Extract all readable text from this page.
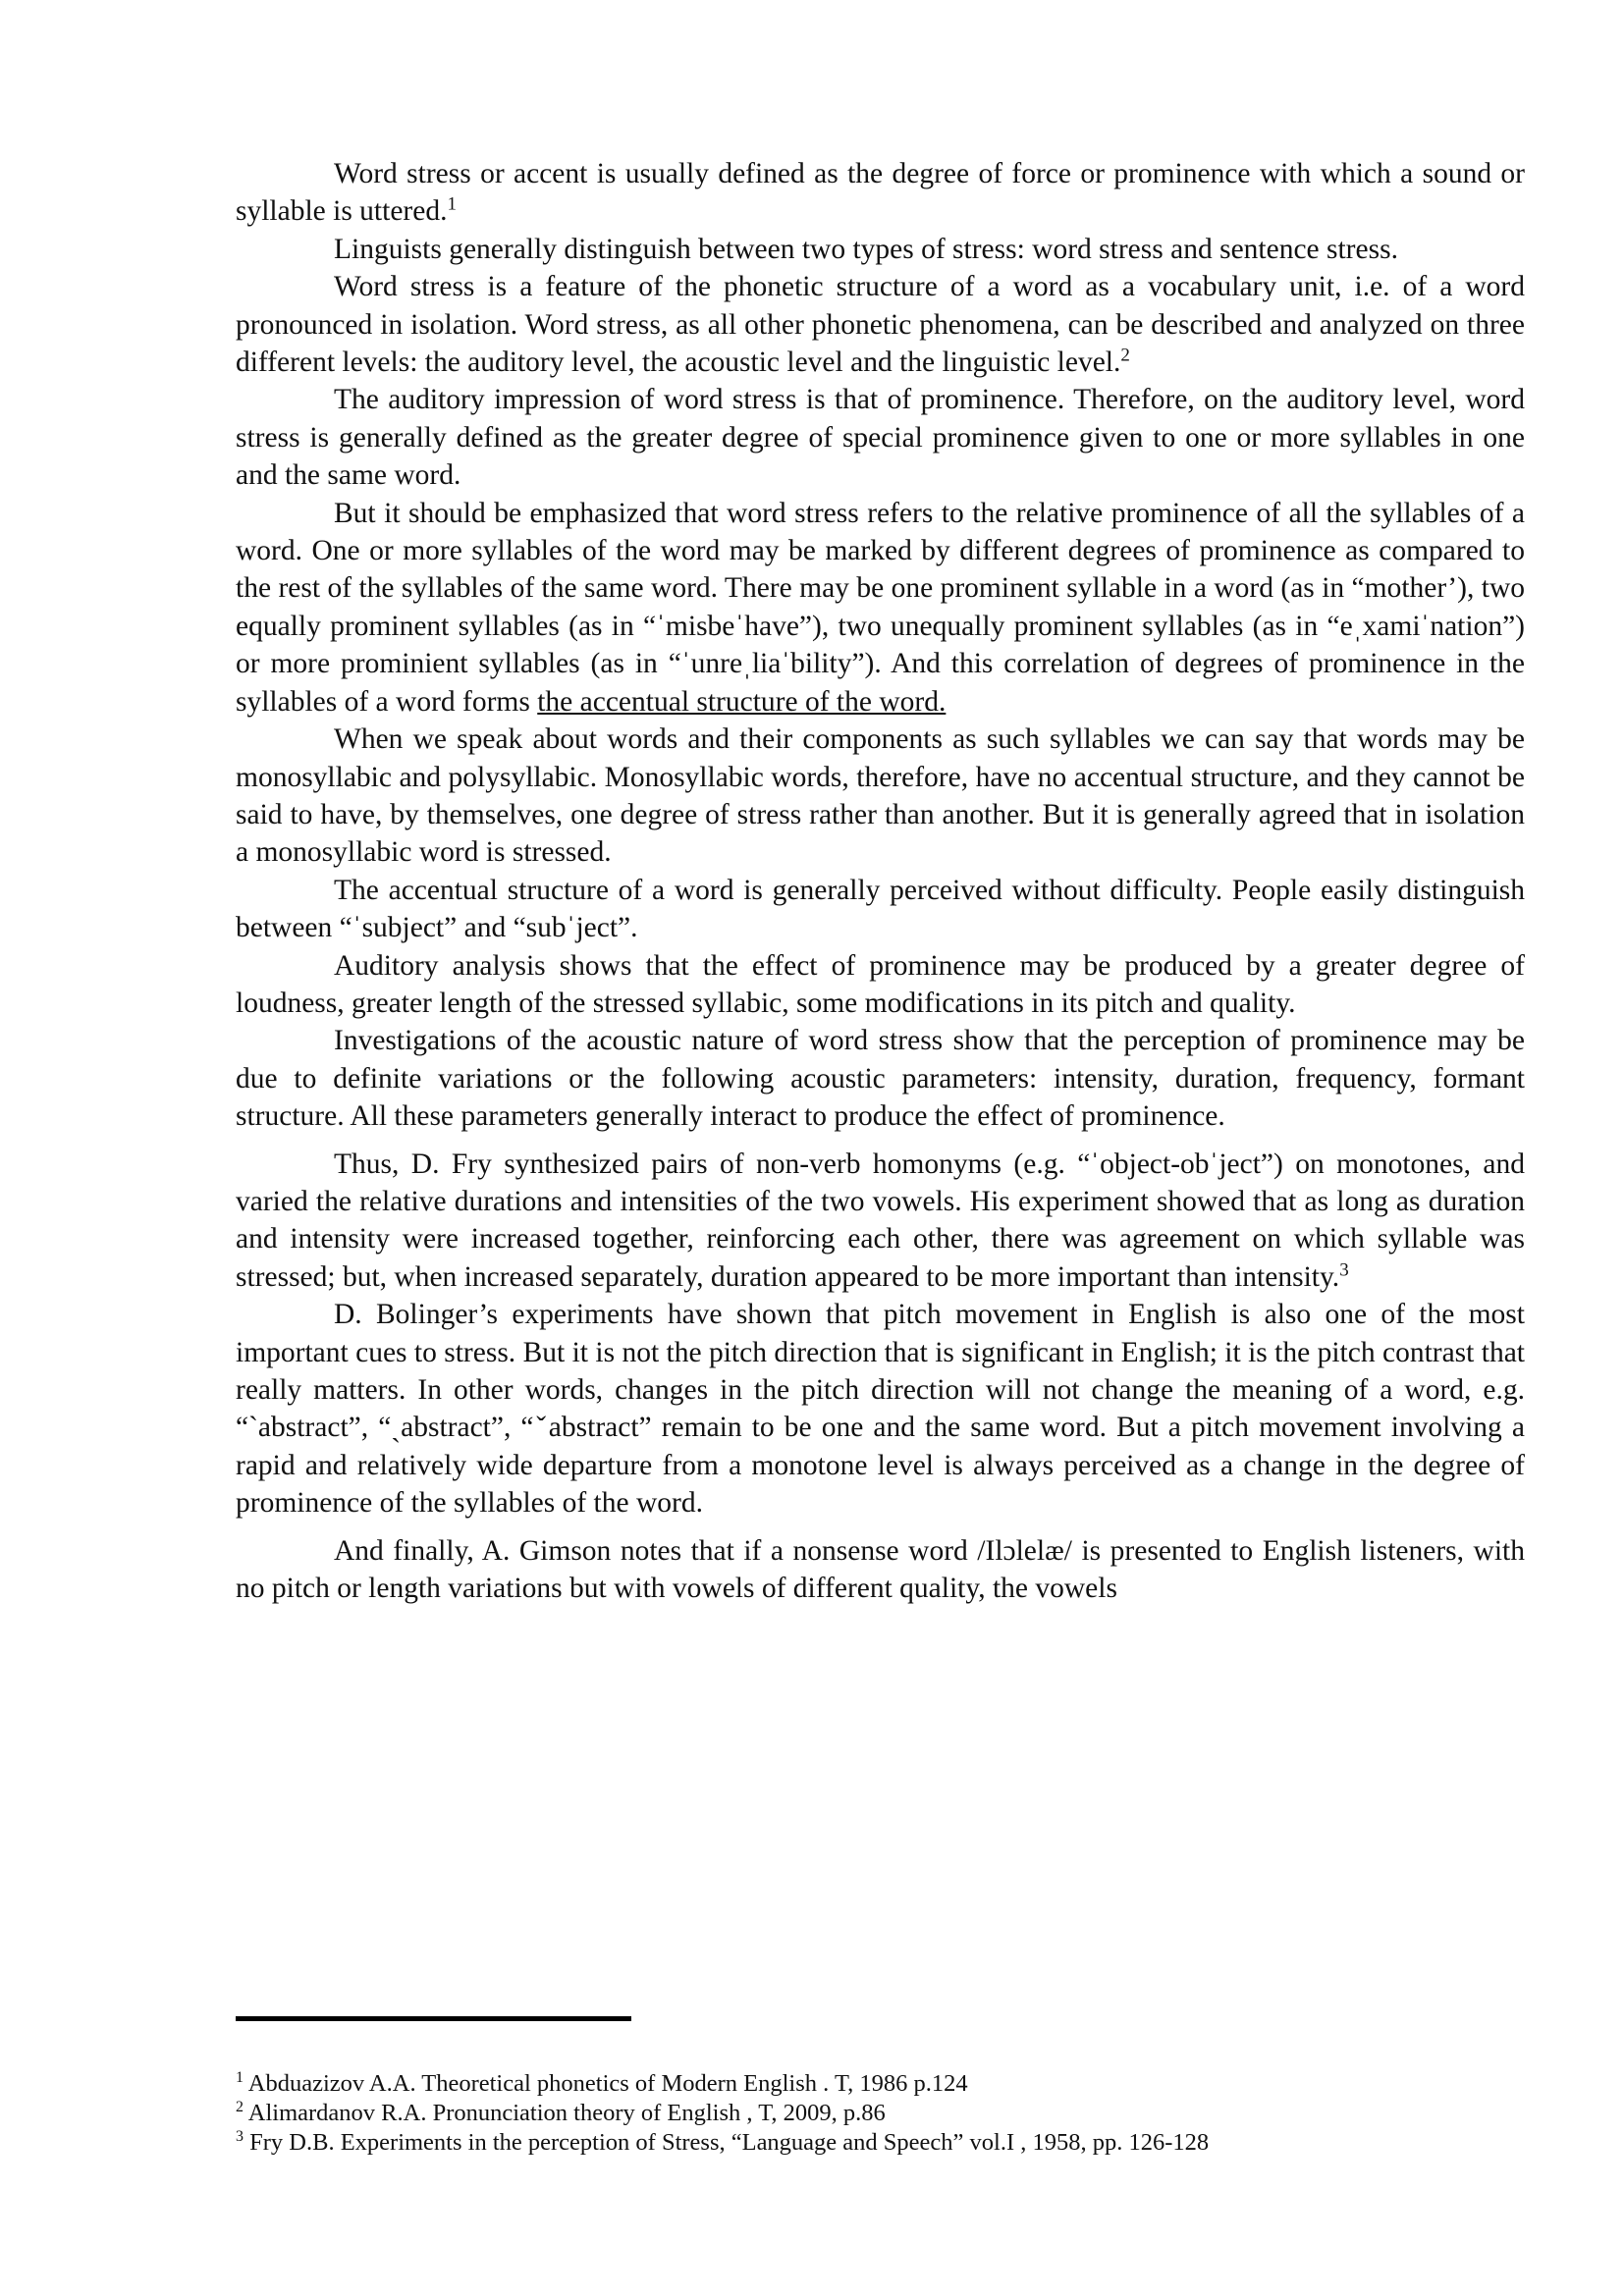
Word stress or accent is usually defined as the degree of force or prominence with which a sound or syllable is uttered.$^1$

Linguists generally distinguish between two types of stress: word stress and sentence stress.

Word stress is a feature of the phonetic structure of a word as a vocabulary unit, i.e. of a word pronounced in isolation. Word stress, as all other phonetic phenomena, can be described and analyzed on three different levels: the auditory level, the acoustic level and the linguistic level.$^2$

The auditory impression of word stress is that of prominence. Therefore, on the auditory level, word stress is generally defined as the greater degree of special prominence given to one or more syllables in one and the same word.

But it should be emphasized that word stress refers to the relative prominence of all the syllables of a word. One or more syllables of the word may be marked by different degrees of prominence as compared to the rest of the syllables of the same word. There may be one prominent syllable in a word (as in “mother’), two equally prominent syllables (as in “ˈmisbeˈhave”), two unequally prominent syllables (as in “eˌxamiˈnation”) or more prominient syllables (as in “ˈunreˌliaˈbility”). And this correlation of degrees of prominence in the syllables of a word forms the accentual structure of the word.

When we speak about words and their components as such syllables we can say that words may be monosyllabic and polysyllabic. Monosyllabic words, therefore, have no accentual structure, and they cannot be said to have, by themselves, one degree of stress rather than another. But it is generally agreed that in isolation a monosyllabic word is stressed.

The accentual structure of a word is generally perceived without difficulty. People easily distinguish between “ˈsubject” and “subˈject”.

Auditory analysis shows that the effect of prominence may be produced by a greater degree of loudness, greater length of the stressed syllabic, some modifications in its pitch and quality.

Investigations of the acoustic nature of word stress show that the perception of prominence may be due to definite variations or the following acoustic parameters: intensity, duration, frequency, formant structure. All these parameters generally interact to produce the effect of prominence.

Thus, D. Fry synthesized pairs of non-verb homonyms (e.g. “ˈobject-obˈject”) on monotones, and varied the relative durations and intensities of the two vowels. His experiment showed that as long as duration and intensity were increased together, reinforcing each other, there was agreement on which syllable was stressed; but, when increased separately, duration appeared to be more important than intensity.$^3$

D. Bolinger’s experiments have shown that pitch movement in English is also one of the most important cues to stress. But it is not the pitch direction that is significant in English; it is the pitch contrast that really matters. In other words, changes in the pitch direction will not change the meaning of a word, e.g. “`abstract”, “ˏabstract”, “ˇabstract” remain to be one and the same word. But a pitch movement involving a rapid and relatively wide departure from a monotone level is always perceived as a change in the degree of prominence of the syllables of the word.

And finally, A. Gimson notes that if a nonsense word /Ilɔlelæ/ is presented to English listeners, with no pitch or length variations but with vowels of different quality, the vowels

$^1$ Abduazizov A.A. Theoretical phonetics of Modern English . T, 1986 p.124
$^2$ Alimardanov R.A. Pronunciation theory of English , T, 2009, p.86
$^3$ Fry D.B. Experiments in the perception of Stress, “Language and Speech” vol.I , 1958, pp. 126-128
